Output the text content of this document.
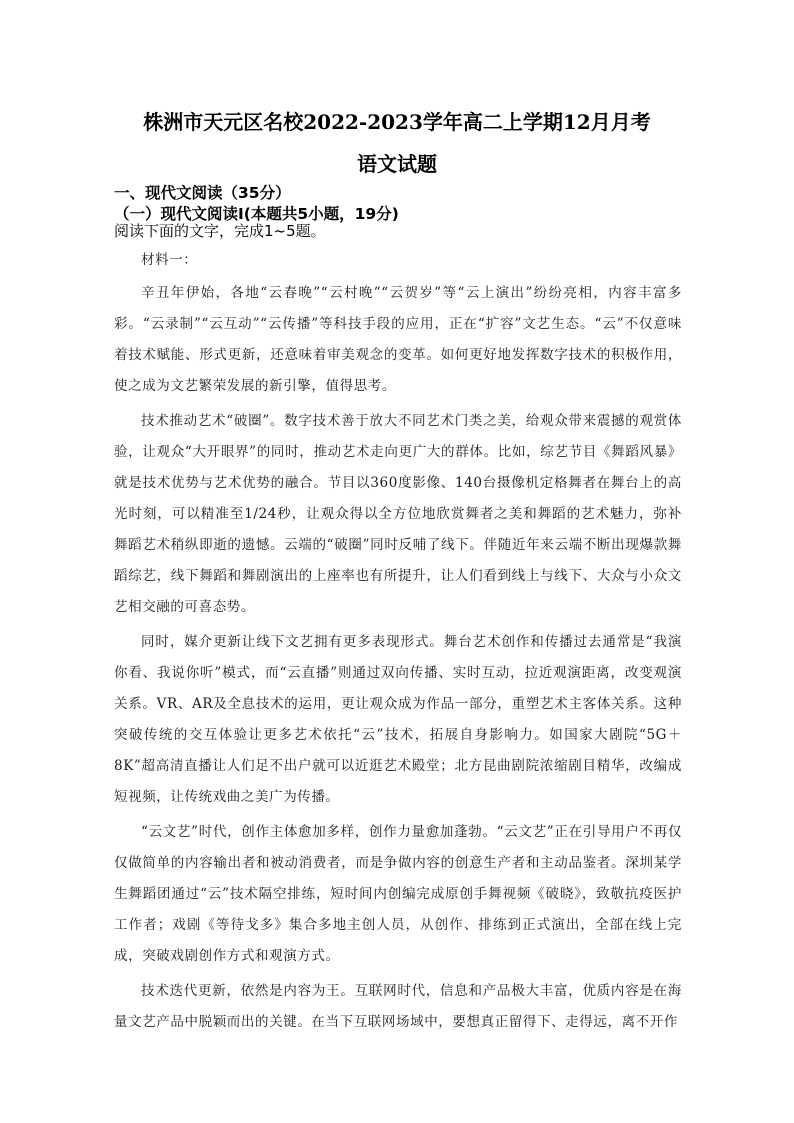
株洲市天元区名校2022-2023学年高二上学期12月月考
语文试题
一、现代文阅读（35分）
（一）现代文阅读Ⅰ(本题共5小题，19分)
阅读下面的文字，完成1~5题。

材料一：

辛丑年伊始，各地“云春晚”“云村晚”“云贺岁”等“云上演出”纷纷亮相，内容丰富多彩。“云录制”“云互动”“云传播”等科技手段的应用，正在“扩容”文艺生态。“云”不仅意味着技术赋能、形式更新，还意味着审美观念的变革。如何更好地发挥数字技术的积极作用，使之成为文艺繁荣发展的新引擎，值得思考。

技术推动艺术“破圈”。数字技术善于放大不同艺术门类之美，给观众带来震撼的观赏体验，让观众“大开眼界”的同时，推动艺术走向更广大的群体。比如，综艺节目《舞蹈风暴》就是技术优势与艺术优势的融合。节目以360度影像、140台摄像机定格舞者在舞台上的高光时刻，可以精准至1/24秒，让观众得以全方位地欣赏舞者之美和舞蹈的艺术魅力，弥补舞蹈艺术稍纵即逝的遗憾。云端的“破圈”同时反哺了线下。伴随近年来云端不断出现爆款舞蹈综艺，线下舞蹈和舞剧演出的上座率也有所提升，让人们看到线上与线下、大众与小众文艺相交融的可喜态势。

同时，媒介更新让线下文艺拥有更多表现形式。舞台艺术创作和传播过去通常是“我演你看、我说你听”模式，而“云直播”则通过双向传播、实时互动，拉近观演距离，改变观演关系。VR、AR及全息技术的运用，更让观众成为作品一部分，重塑艺术主客体关系。这种突破传统的交互体验让更多艺术依托“云”技术，拓展自身影响力。如国家大剧院“5G＋8K”超高清直播让人们足不出户就可以近逛艺术殿堂；北方昆曲剧院浓缩剧目精华，改编成短视频，让传统戏曲之美广为传播。

“云文艺”时代，创作主体愈加多样，创作力量愈加蓬勃。“云文艺”正在引导用户不再仅仅做简单的内容输出者和被动消费者，而是争做内容的创意生产者和主动品鉴者。深圳某学生舞蹈团通过“云”技术隔空排练，短时间内创编完成原创手舞视频《破晓》，致敬抗疫医护工作者；戏剧《等待戈多》集合多地主创人员，从创作、排练到正式演出，全部在线上完成，突破戏剧创作方式和观演方式。

技术迭代更新，依然是内容为王。互联网时代，信息和产品极大丰富，优质内容是在海量文艺产品中脱颖而出的关键。在当下互联网场域中，要想真正留得下、走得远，离不开作
